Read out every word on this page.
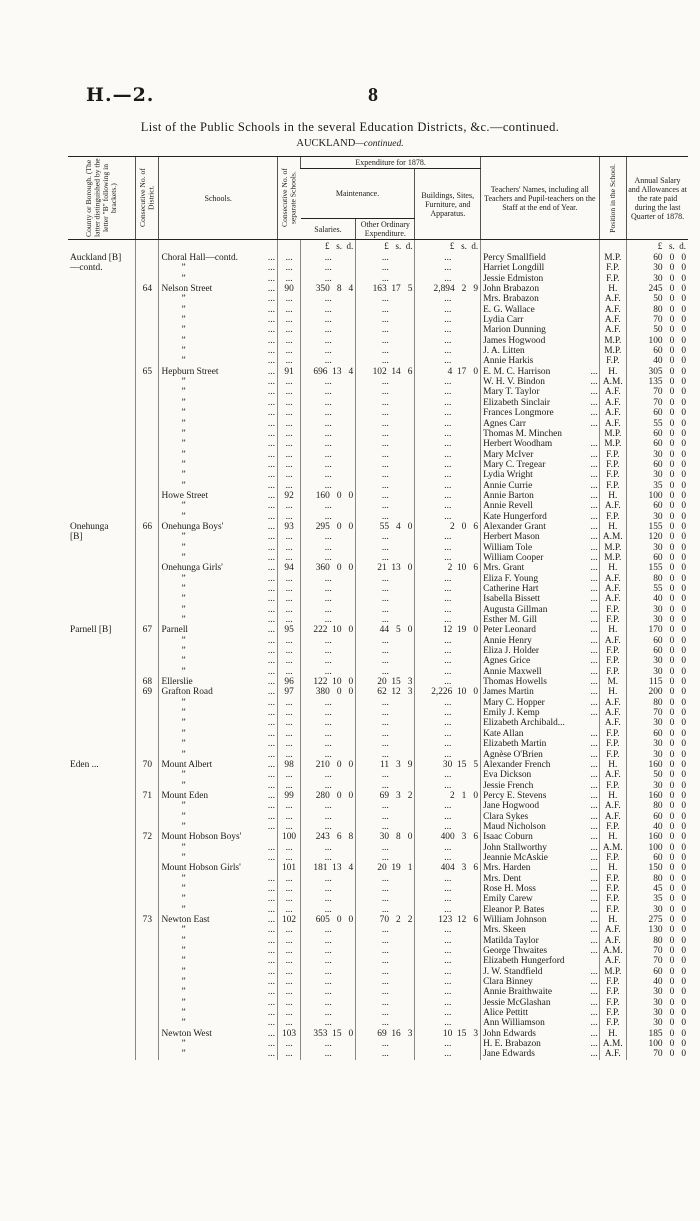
H.—2.	8
List of the Public Schools in the several Education Districts, &c.—continued.
AUCKLAND—continued.
County or Borough. (The latter distinguished by the letter "B" following in brackets.)	Consecutive No. of District.	Schools.	Consecutive No. of separate Schools.	Expenditure for 1878.			Teachers' Names, including all Teachers and Pupil-teachers on the Staff at the end of Year.	Position in the School.	Annual Salary and Allowances at the rate paid during the last Quarter of 1878.
				Maintenance.		Buildings, Sites, Furniture, and Apparatus.			
				Salaries.	Other Ordinary Expenditure.				
				£ s. d.	£ s. d.	£ s. d.			£ s. d.
Auckland [B]		Choral Hall—contd. ...	...	...	...	...	Percy Smallfield	M.P.	60 0 0
—contd.		” ...	...	...	...	...	Harriet Longdill	F.P.	30 0 0
		” ...	...	...	...	...	Jessie Edmiston	F.P.	30 0 0
	64	Nelson Street ...	90	350   8   4	163  17   5	2,894   2   9	John Brabazon	H.	245 0 0
		” ...	...	...	...	...	Mrs. Brabazon	A.F.	50 0 0
		” ...	...	...	...	...	E. G. Wallace	A.F.	80 0 0
		” ...	...	...	...	...	Lydia Carr	A.F.	70 0 0
		” ...	...	...	...	...	Marion Dunning	A.F.	50 0 0
		” ...	...	...	...	...	James Hogwood	M.P.	100 0 0
		” ...	...	...	...	...	J. A. Litten	M.P.	60 0 0
		” ...	...	...	...	...	Annie Harkis	F.P.	40 0 0
	65	Hepburn Street ...	91	696  13   4	102  14   6	4  17   0	E. M. C. Harrison ...	H.	305 0 0
		” ...	...	...	...	...	W. H. V. Bindon ...	A.M.	135 0 0
		” ...	...	...	...	...	Mary T. Taylor ...	A.F.	70 0 0
		” ...	...	...	...	...	Elizabeth Sinclair ...	A.F.	70 0 0
		” ...	...	...	...	...	Frances Longmore ...	A.F.	60 0 0
		” ...	...	...	...	...	Agnes Carr ...	A.F.	55 0 0
		” ...	...	...	...	...	Thomas M. Minchen	M.P.	60 0 0
		” ...	...	...	...	...	Herbert Woodham ...	M.P.	60 0 0
		” ...	...	...	...	...	Mary McIver ...	F.P.	30 0 0
		” ...	...	...	...	...	Mary C. Tregear ...	F.P.	60 0 0
		” ...	...	...	...	...	Lydia Wright ...	F.P.	30 0 0
		” ...	...	...	...	...	Annie Currie ...	F.P.	35 0 0
		Howe Street ...	92	160   0   0	...	...	Annie Barton ...	H.	100 0 0
		” ...	...	...	...	...	Annie Revell ...	A.F.	60 0 0
		” ...	...	...	...	...	Kate Hungerford ...	F.P.	30 0 0
Onehunga	66	Onehunga Boys' ...	93	295   0   0	55   4   0	2   0   6	Alexander Grant ...	H.	155 0 0
[B]		” ...	...	...	...	...	Herbert Mason ...	A.M.	120 0 0
		” ...	...	...	...	...	William Tole ...	M.P.	30 0 0
		” ...	...	...	...	...	William Cooper ...	M.P.	60 0 0
		Onehunga Girls' ...	94	360   0   0	21  13   0	2  10   6	Mrs. Grant ...	H.	155 0 0
		” ...	...	...	...	...	Eliza F. Young ...	A.F.	80 0 0
		” ...	...	...	...	...	Catherine Hart ...	A.F.	55 0 0
		” ...	...	...	...	...	Isabella Bissett ...	A.F.	40 0 0
		” ...	...	...	...	...	Augusta Gillman ...	F.P.	30 0 0
		” ...	...	...	...	...	Esther M. Gill ...	F.P.	30 0 0
Parnell [B]	67	Parnell ...	95	222  10   0	44   5   0	12  19   0	Peter Leonard ...	H.	170 0 0
		” ...	...	...	...	...	Annie Henry ...	A.F.	60 0 0
		” ...	...	...	...	...	Eliza J. Holder ...	F.P.	60 0 0
		” ...	...	...	...	...	Agnes Grice ...	F.P.	30 0 0
		” ...	...	...	...	...	Annie Maxwell ...	F.P.	30 0 0
	68	Ellerslie ...	96	122  10   0	20  15   3	...	Thomas Howells ...	M.	115 0 0
	69	Grafton Road ...	97	380   0   0	62  12   3	2,226  10   0	James Martin ...	H.	200 0 0
		” ...	...	...	...	...	Mary C. Hopper ...	A.F.	80 0 0
		” ...	...	...	...	...	Emily J. Kemp ...	A.F.	70 0 0
		” ...	...	...	...	...	Elizabeth Archibald...	A.F.	30 0 0
		” ...	...	...	...	...	Kate Allan ...	F.P.	60 0 0
		” ...	...	...	...	...	Elizabeth Martin ...	F.P.	30 0 0
		” ...	...	...	...	...	Agnèse O'Brien ...	F.P.	30 0 0
Eden ...	70	Mount Albert ...	98	210   0   0	11   3   9	30  15   5	Alexander French ...	H.	160 0 0
		” ...	...	...	...	...	Eva Dickson ...	A.F.	50 0 0
		” ...	...	...	...	...	Jessie French ...	F.P.	30 0 0
	71	Mount Eden ...	99	280   0   0	69   3   2	2   1   0	Percy E. Stevens ...	H.	160 0 0
		” ...	...	...	...	...	Jane Hogwood ...	A.F.	80 0 0
		” ...	...	...	...	...	Clara Sykes ...	A.F.	60 0 0
		” ...	...	...	...	...	Maud Nicholson ...	F.P.	40 0 0
	72	Mount Hobson Boys'	100	243   6   8	30   8   0	400   3   6	Isaac Coburn ...	H.	160 0 0
		” ...	...	...	...	...	John Stallworthy ...	A.M.	100 0 0
		” ...	...	...	...	...	Jeannie McAskie ...	F.P.	60 0 0
		Mount Hobson Girls'	101	181  13   4	20  19   1	404   3   6	Mrs. Harden ...	H.	150 0 0
		” ...	...	...	...	...	Mrs. Dent ...	F.P.	80 0 0
		” ...	...	...	...	...	Rose H. Moss ...	F.P.	45 0 0
		” ...	...	...	...	...	Emily Carew ...	F.P.	35 0 0
		” ...	...	...	...	...	Eleanor P. Bates ...	F.P.	30 0 0
	73	Newton East ...	102	605   0   0	70   2   2	123  12   6	William Johnson ...	H.	275 0 0
		” ...	...	...	...	...	Mrs. Skeen ...	A.F.	130 0 0
		” ...	...	...	...	...	Matilda Taylor ...	A.F.	80 0 0
		” ...	...	...	...	...	George Thwaites ...	A.M.	70 0 0
		” ...	...	...	...	...	Elizabeth Hungerford	A.F.	70 0 0
		” ...	...	...	...	...	J. W. Standfield ...	M.P.	60 0 0
		” ...	...	...	...	...	Clara Binney ...	F.P.	40 0 0
		” ...	...	...	...	...	Annie Braithwaite ...	F.P.	30 0 0
		” ...	...	...	...	...	Jessie McGlashan ...	F.P.	30 0 0
		” ...	...	...	...	...	Alice Pettitt ...	F.P.	30 0 0
		” ...	...	...	...	...	Ann Williamson ...	F.P.	30 0 0
		Newton West ...	103	353  15   0	69  16   3	10  15   3	John Edwards ...	H.	185 0 0
		” ...	...	...	...	...	H. E. Brabazon ...	A.M.	100 0 0
		” ...	...	...	...	...	Jane Edwards ...	A.F.	70 0 0
